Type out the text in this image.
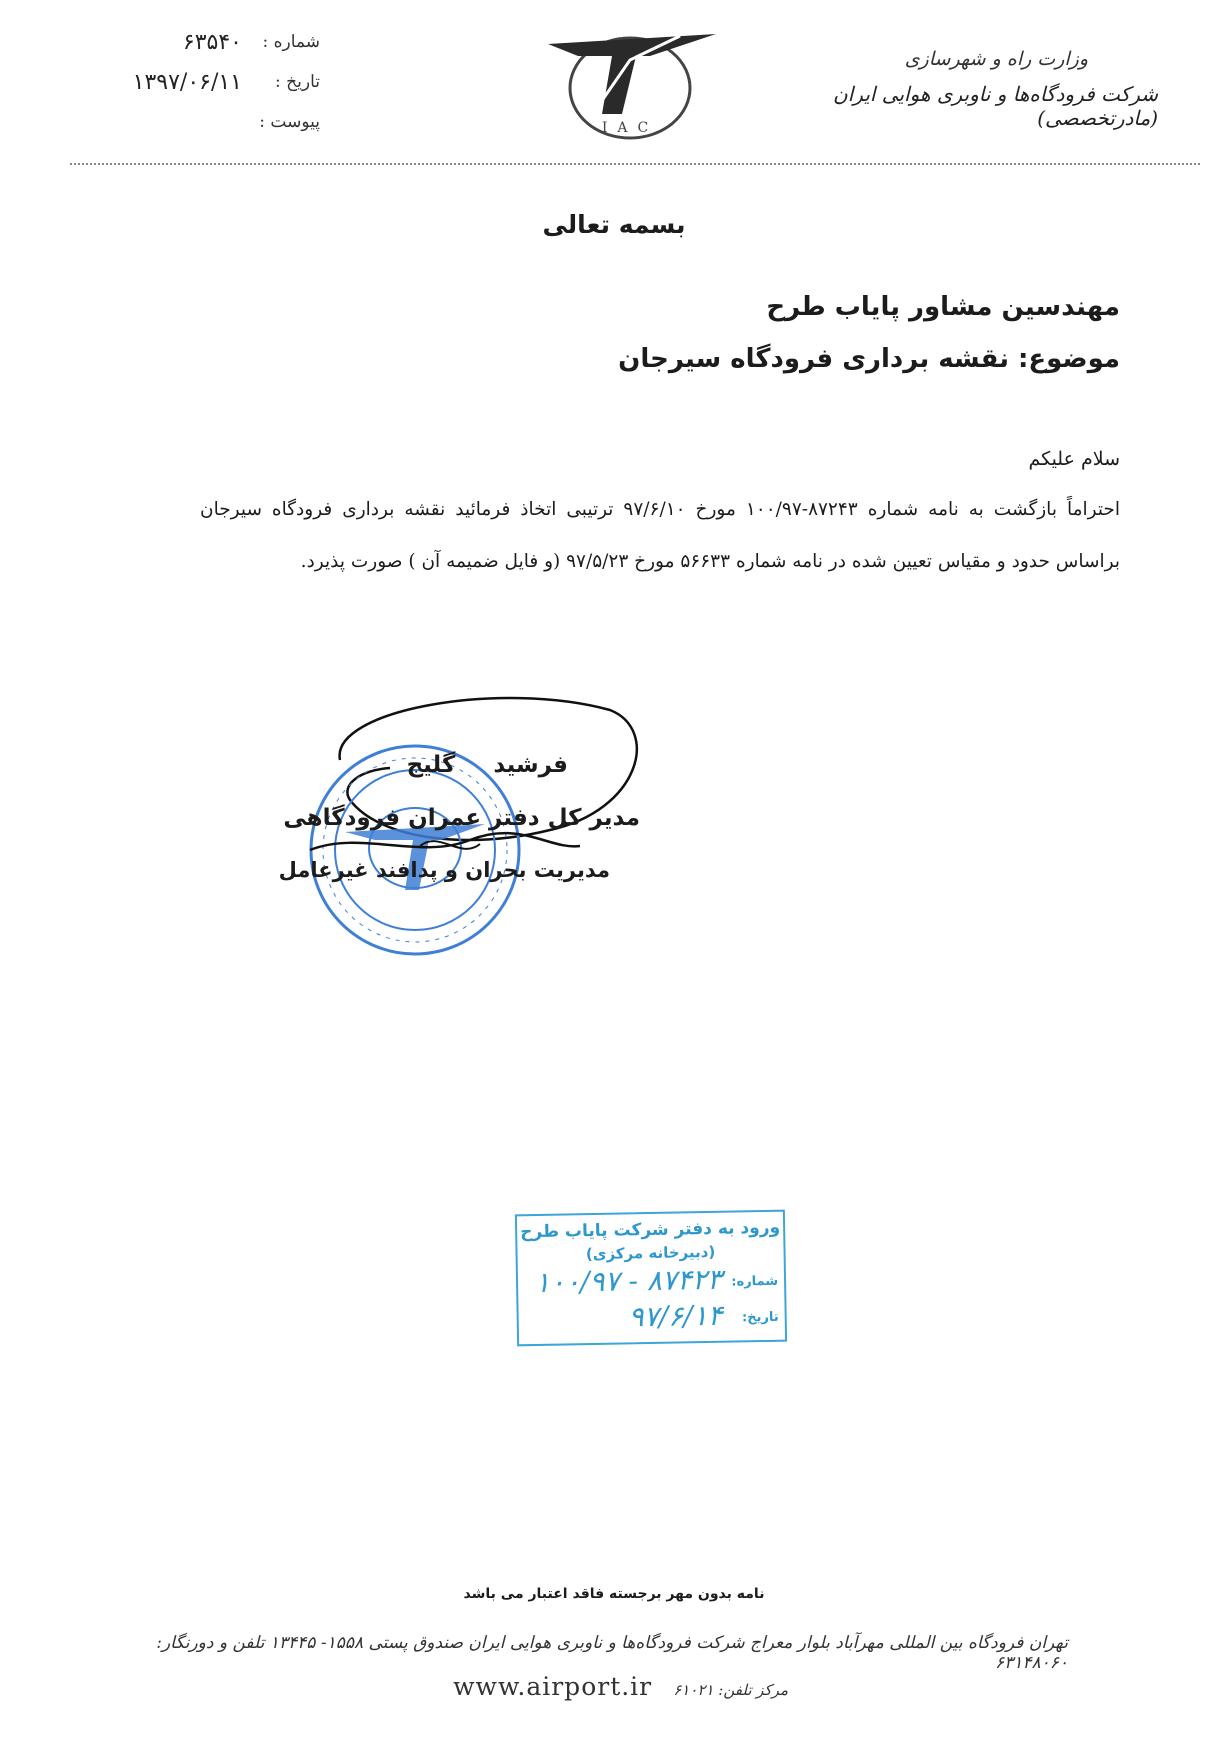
شماره :
۶۳۵۴۰
تاریخ :
۱۳۹۷/۰۶/۱۱
پیوست :	IAC
وزارت راه و شهرسازی
شرکت فرودگاه‌ها و ناوبری هوایی ایران (مادرتخصصی)
بسمه تعالی
مهندسین مشاور پایاب طرح
موضوع: نقشه برداری فرودگاه سیرجان
سلام علیکم
احتراماً بازگشت به نامه شماره ۸۷۲۴۳-۱۰۰/۹۷ مورخ ۹۷/۶/۱۰ ترتیبی اتخاذ فرمائید نقشه برداری فرودگاه سیرجان براساس حدود و مقیاس تعیین شده در نامه شماره ۵۶۶۳۳ مورخ ۹۷/۵/۲۳ (و فایل ضمیمه آن ) صورت پذیرد.
فرشید گلیج
مدیر کل دفتر عمران فرودگاهی
مدیریت بحران و پدافند غیرعامل
ورود به دفتر شرکت پایاب طرح
(دبیرخانه مرکزی)
شماره:
۸۷۴۲۳ - ۱۰۰/۹۷
تاریخ:
۹۷/۶/۱۴
نامه بدون مهر برجسته فاقد اعتبار می باشد
تهران فرودگاه بین المللی مهرآباد بلوار معراج شرکت فرودگاه‌ها و ناوبری هوایی ایران صندوق پستی ۱۵۵۸- ۱۳۴۴۵ تلفن و دورنگار: ۶۳۱۴۸۰۶۰
مرکز تلفن: ۶۱۰۲۱ www.airport.ir
